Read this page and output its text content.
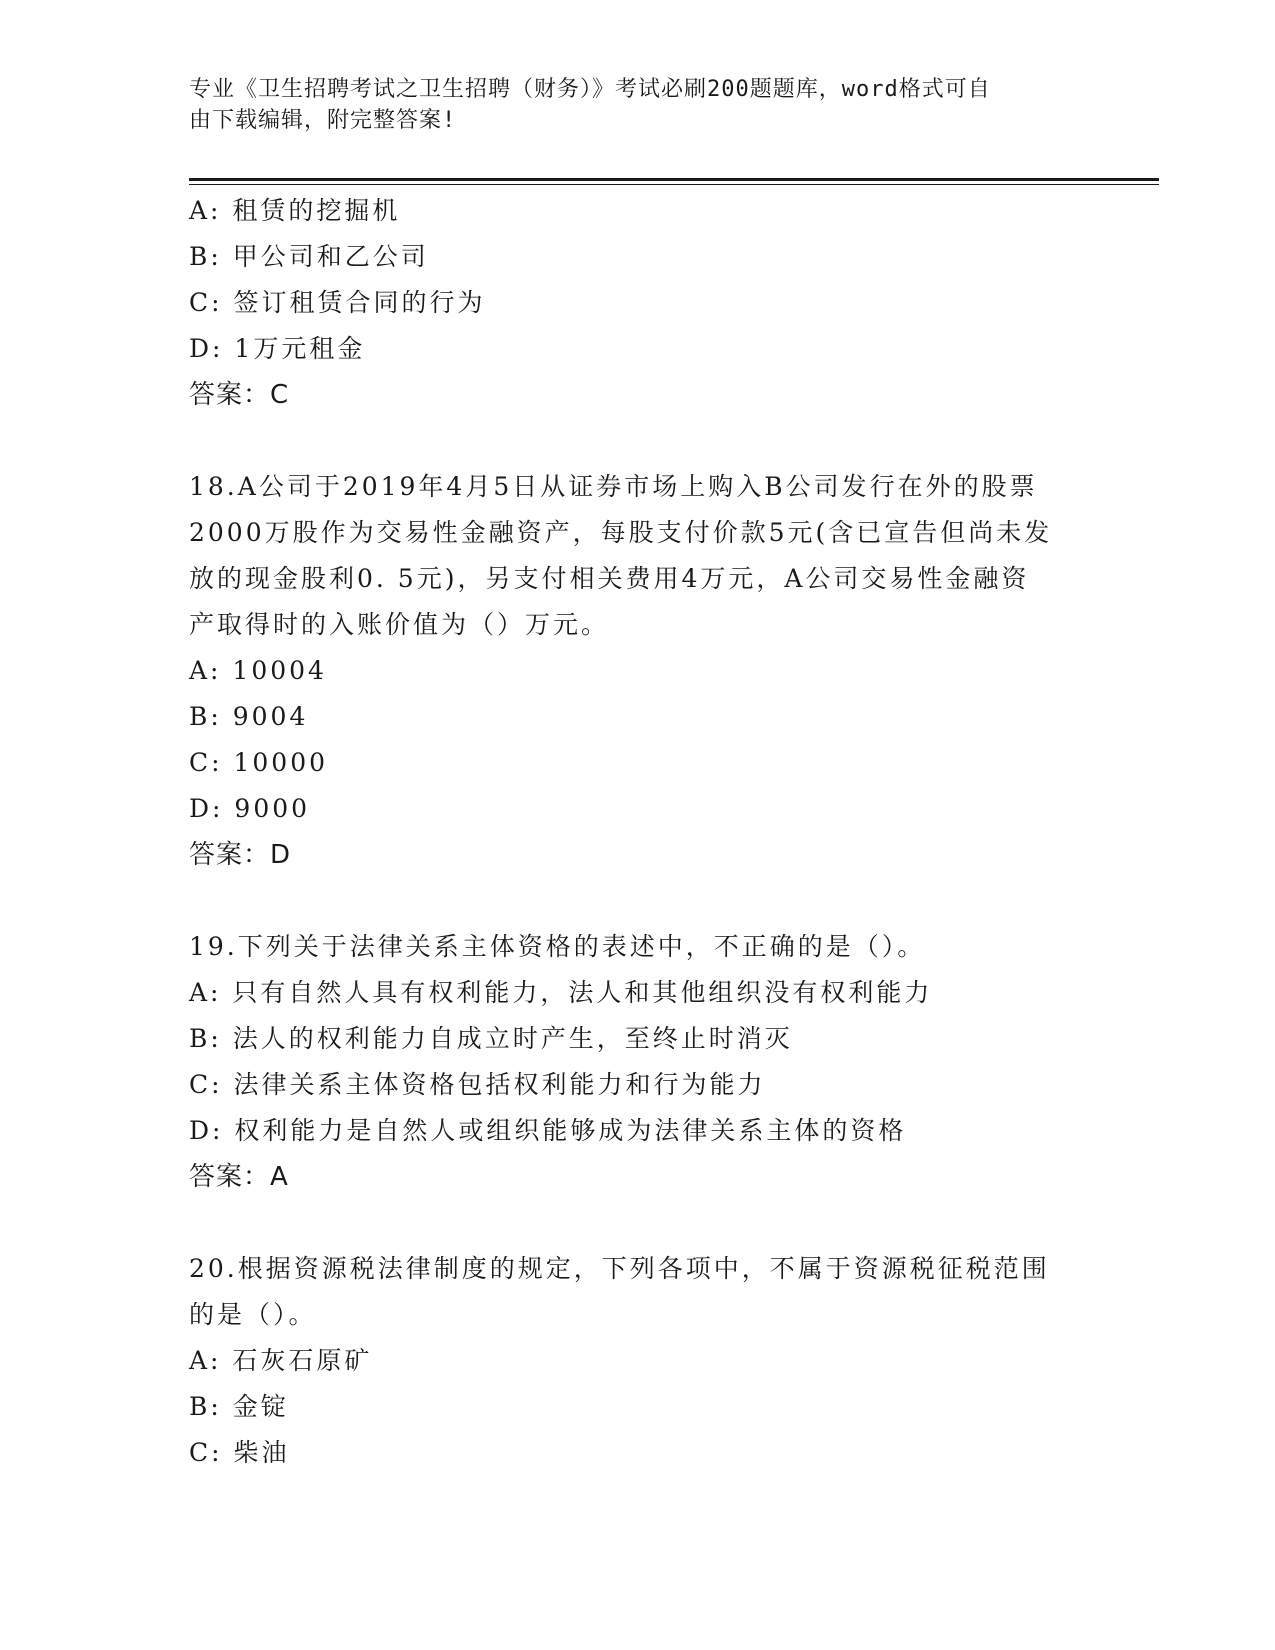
专业《卫生招聘考试之卫生招聘（财务）》考试必刷200题题库，word格式可自
由下载编辑，附完整答案!
A: 租赁的挖掘机
B: 甲公司和乙公司
C: 签订租赁合同的行为
D: 1万元租金
答案：C
18.A公司于2019年4月5日从证券市场上购入B公司发行在外的股票
2000万股作为交易性金融资产，每股支付价款5元(含已宣告但尚未发
放的现金股利0. 5元)，另支付相关费用4万元，A公司交易性金融资
产取得时的入账价值为（）万元。
A: 10004
B: 9004
C: 10000
D: 9000
答案：D
19.下列关于法律关系主体资格的表述中，不正确的是（）。
A: 只有自然人具有权利能力，法人和其他组织没有权利能力
B: 法人的权利能力自成立时产生，至终止时消灭
C: 法律关系主体资格包括权利能力和行为能力
D: 权利能力是自然人或组织能够成为法律关系主体的资格
答案：A
20.根据资源税法律制度的规定，下列各项中，不属于资源税征税范围
的是（）。
A: 石灰石原矿
B: 金锭
C: 柴油
